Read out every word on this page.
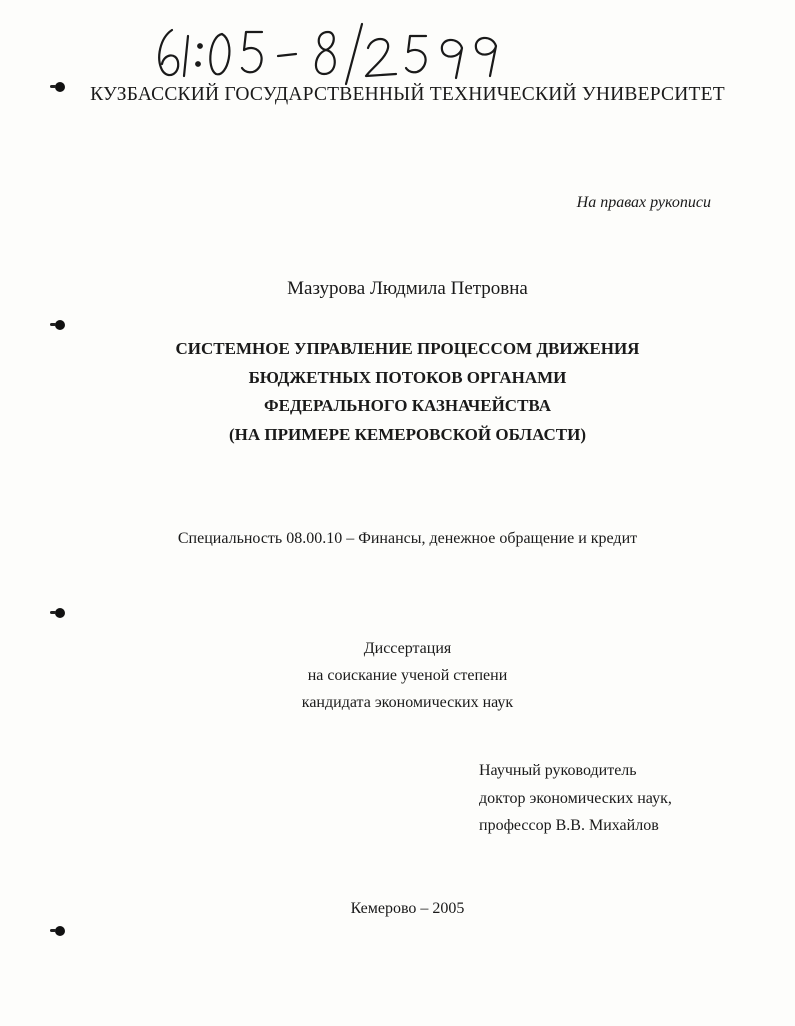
61:05-8/2599
КУЗБАССКИЙ ГОСУДАРСТВЕННЫЙ ТЕХНИЧЕСКИЙ УНИВЕРСИТЕТ
На правах рукописи
Мазурова Людмила Петровна
СИСТЕМНОЕ УПРАВЛЕНИЕ ПРОЦЕССОМ ДВИЖЕНИЯ
БЮДЖЕТНЫХ ПОТОКОВ ОРГАНАМИ
ФЕДЕРАЛЬНОГО КАЗНАЧЕЙСТВА
(НА ПРИМЕРЕ КЕМЕРОВСКОЙ ОБЛАСТИ)
Специальность 08.00.10 – Финансы, денежное обращение и кредит
Диссертация
на соискание ученой степени
кандидата экономических наук
Научный руководитель
доктор экономических наук,
профессор В.В. Михайлов
Кемерово – 2005
